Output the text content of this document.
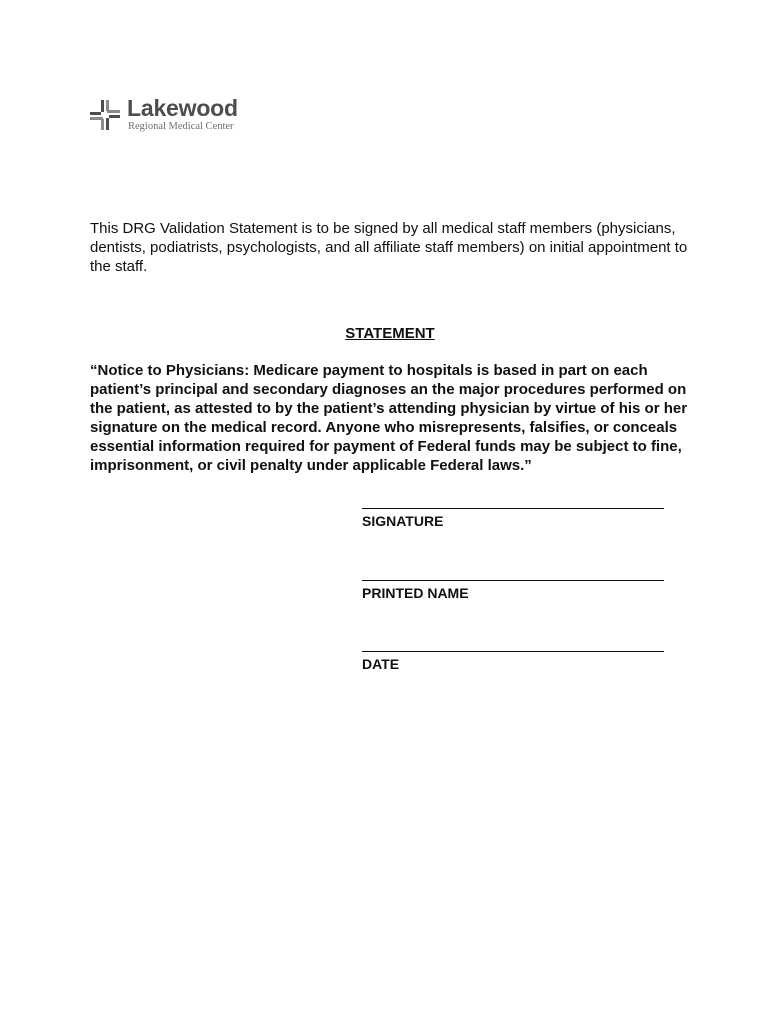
Lakewood
Regional Medical Center

This DRG Validation Statement is to be signed by all medical staff members (physicians, dentists, podiatrists, psychologists, and all affiliate staff members) on initial appointment to the staff.

STATEMENT

“Notice to Physicians: Medicare payment to hospitals is based in part on each patient’s principal and secondary diagnoses an the major procedures performed on the patient, as attested to by the patient’s attending physician by virtue of his or her signature on the medical record. Anyone who misrepresents, falsifies, or conceals essential information required for payment of Federal funds may be subject to fine, imprisonment, or civil penalty under applicable Federal laws.”

SIGNATURE
PRINTED NAME
DATE
